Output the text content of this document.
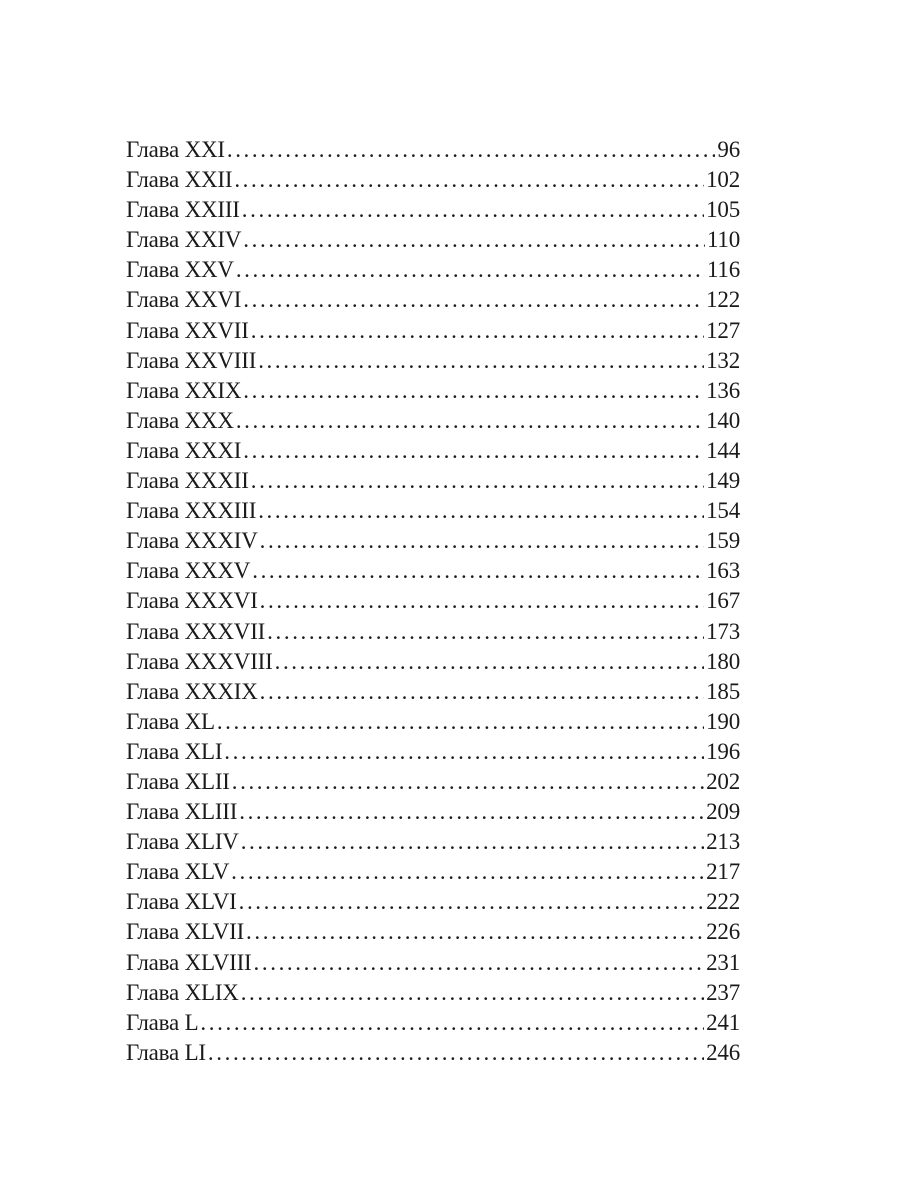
Глава XXI .....	96
Глава XXII .....	102
Глава XXIII .....	105
Глава XXIV .....	110
Глава XXV .....	116
Глава XXVI .....	122
Глава XXVII .....	127
Глава XXVIII .....	132
Глава XXIX .....	136
Глава XXX .....	140
Глава XXXI .....	144
Глава XXXII .....	149
Глава XXXIII .....	154
Глава XXXIV .....	159
Глава XXXV .....	163
Глава XXXVI .....	167
Глава XXXVII .....	173
Глава XXXVIII .....	180
Глава XXXIX .....	185
Глава XL .....	190
Глава XLI .....	196
Глава XLII .....	202
Глава XLIII .....	209
Глава XLIV .....	213
Глава XLV .....	217
Глава XLVI .....	222
Глава XLVII .....	226
Глава XLVIII .....	231
Глава XLIX .....	237
Глава L .....	241
Глава LI .....	246
